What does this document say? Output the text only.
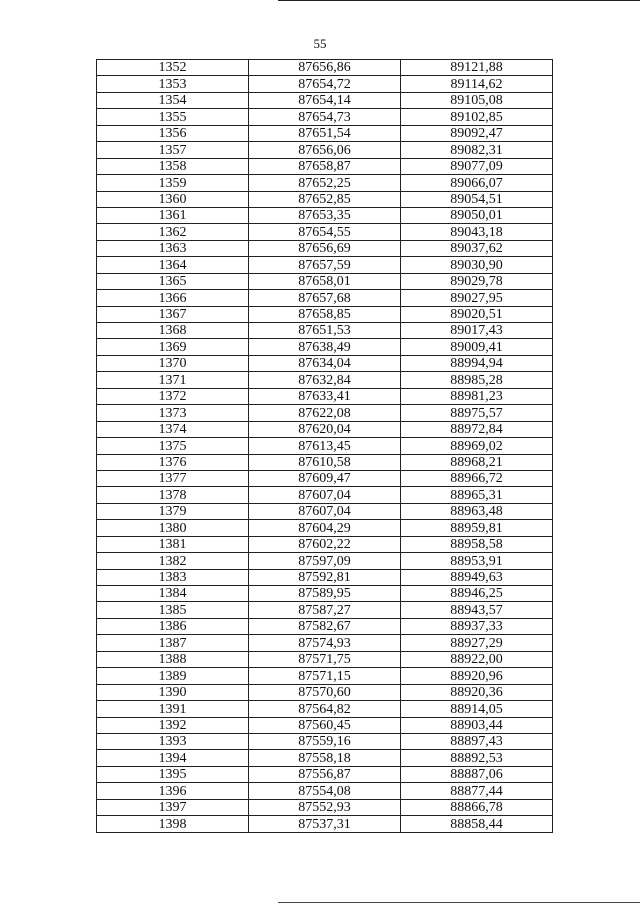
55
1352	87656,86	89121,88
1353	87654,72	89114,62
1354	87654,14	89105,08
1355	87654,73	89102,85
1356	87651,54	89092,47
1357	87656,06	89082,31
1358	87658,87	89077,09
1359	87652,25	89066,07
1360	87652,85	89054,51
1361	87653,35	89050,01
1362	87654,55	89043,18
1363	87656,69	89037,62
1364	87657,59	89030,90
1365	87658,01	89029,78
1366	87657,68	89027,95
1367	87658,85	89020,51
1368	87651,53	89017,43
1369	87638,49	89009,41
1370	87634,04	88994,94
1371	87632,84	88985,28
1372	87633,41	88981,23
1373	87622,08	88975,57
1374	87620,04	88972,84
1375	87613,45	88969,02
1376	87610,58	88968,21
1377	87609,47	88966,72
1378	87607,04	88965,31
1379	87607,04	88963,48
1380	87604,29	88959,81
1381	87602,22	88958,58
1382	87597,09	88953,91
1383	87592,81	88949,63
1384	87589,95	88946,25
1385	87587,27	88943,57
1386	87582,67	88937,33
1387	87574,93	88927,29
1388	87571,75	88922,00
1389	87571,15	88920,96
1390	87570,60	88920,36
1391	87564,82	88914,05
1392	87560,45	88903,44
1393	87559,16	88897,43
1394	87558,18	88892,53
1395	87556,87	88887,06
1396	87554,08	88877,44
1397	87552,93	88866,78
1398	87537,31	88858,44
